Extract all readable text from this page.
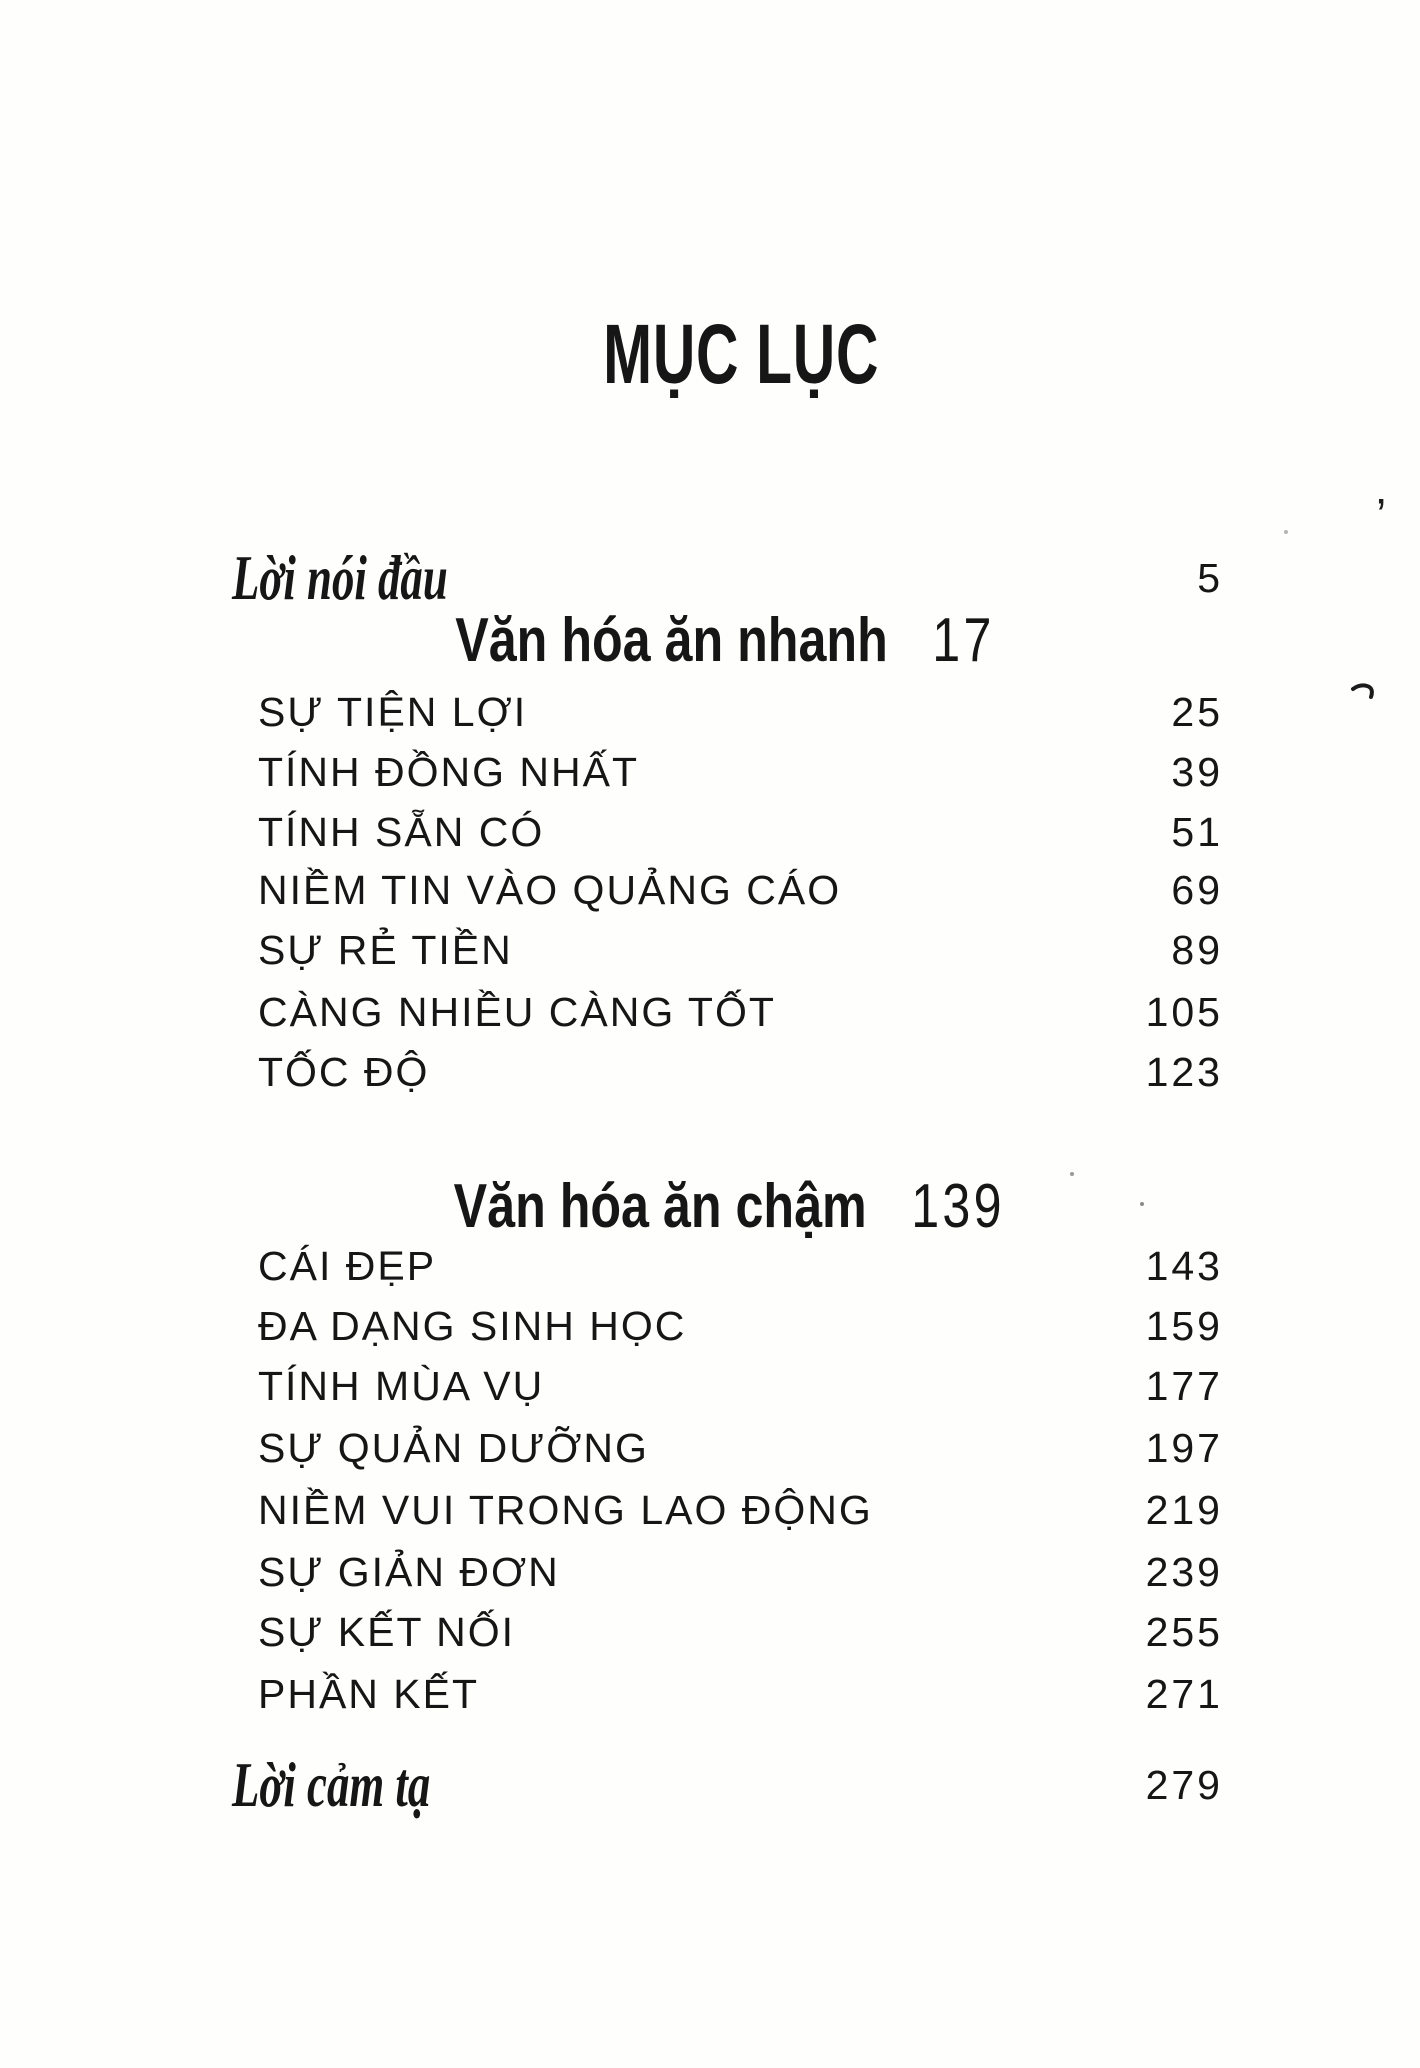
MỤC LỤC
Lời nói đầu	5
Văn hóa ăn nhanh 17
SỰ TIỆN LỢI	25
TÍNH ĐỒNG NHẤT	39
TÍNH SẴN CÓ	51
NIỀM TIN VÀO QUẢNG CÁO	69
SỰ RẺ TIỀN	89
CÀNG NHIỀU CÀNG TỐT	105
TỐC ĐỘ	123
Văn hóa ăn chậm 139
CÁI ĐẸP	143
ĐA DẠNG SINH HỌC	159
TÍNH MÙA VỤ	177
SỰ QUẢN DƯỠNG	197
NIỀM VUI TRONG LAO ĐỘNG	219
SỰ GIẢN ĐƠN	239
SỰ KẾT NỐI	255
PHẦN KẾT	271
Lời cảm tạ	279
’
